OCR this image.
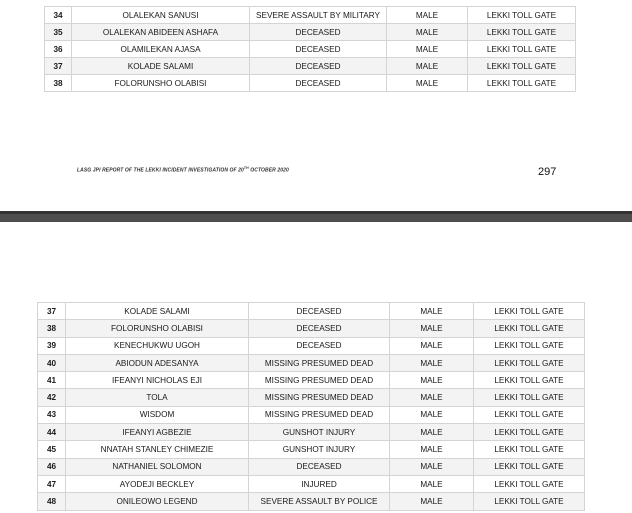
34	OLALEKAN SANUSI	SEVERE ASSAULT BY MILITARY	MALE	LEKKI TOLL GATE
35	OLALEKAN ABIDEEN ASHAFA	DECEASED	MALE	LEKKI TOLL GATE
36	OLAMILEKAN AJASA	DECEASED	MALE	LEKKI TOLL GATE
37	KOLADE SALAMI	DECEASED	MALE	LEKKI TOLL GATE
38	FOLORUNSHO OLABISI	DECEASED	MALE	LEKKI TOLL GATE
LASG JPI REPORT OF THE LEKKI INCIDENT INVESTIGATION OF 20TH OCTOBER 2020	297
37	KOLADE SALAMI	DECEASED	MALE	LEKKI TOLL GATE
38	FOLORUNSHO OLABISI	DECEASED	MALE	LEKKI TOLL GATE
39	KENECHUKWU UGOH	DECEASED	MALE	LEKKI TOLL GATE
40	ABIODUN ADESANYA	MISSING PRESUMED DEAD	MALE	LEKKI TOLL GATE
41	IFEANYI NICHOLAS EJI	MISSING PRESUMED DEAD	MALE	LEKKI TOLL GATE
42	TOLA	MISSING PRESUMED DEAD	MALE	LEKKI TOLL GATE
43	WISDOM	MISSING PRESUMED DEAD	MALE	LEKKI TOLL GATE
44	IFEANYI AGBEZIE	GUNSHOT INJURY	MALE	LEKKI TOLL GATE
45	NNATAH STANLEY CHIMEZIE	GUNSHOT INJURY	MALE	LEKKI TOLL GATE
46	NATHANIEL SOLOMON	DECEASED	MALE	LEKKI TOLL GATE
47	AYODEJI BECKLEY	INJURED	MALE	LEKKI TOLL GATE
48	ONILEOWO LEGEND	SEVERE ASSAULT BY POLICE	MALE	LEKKI TOLL GATE
